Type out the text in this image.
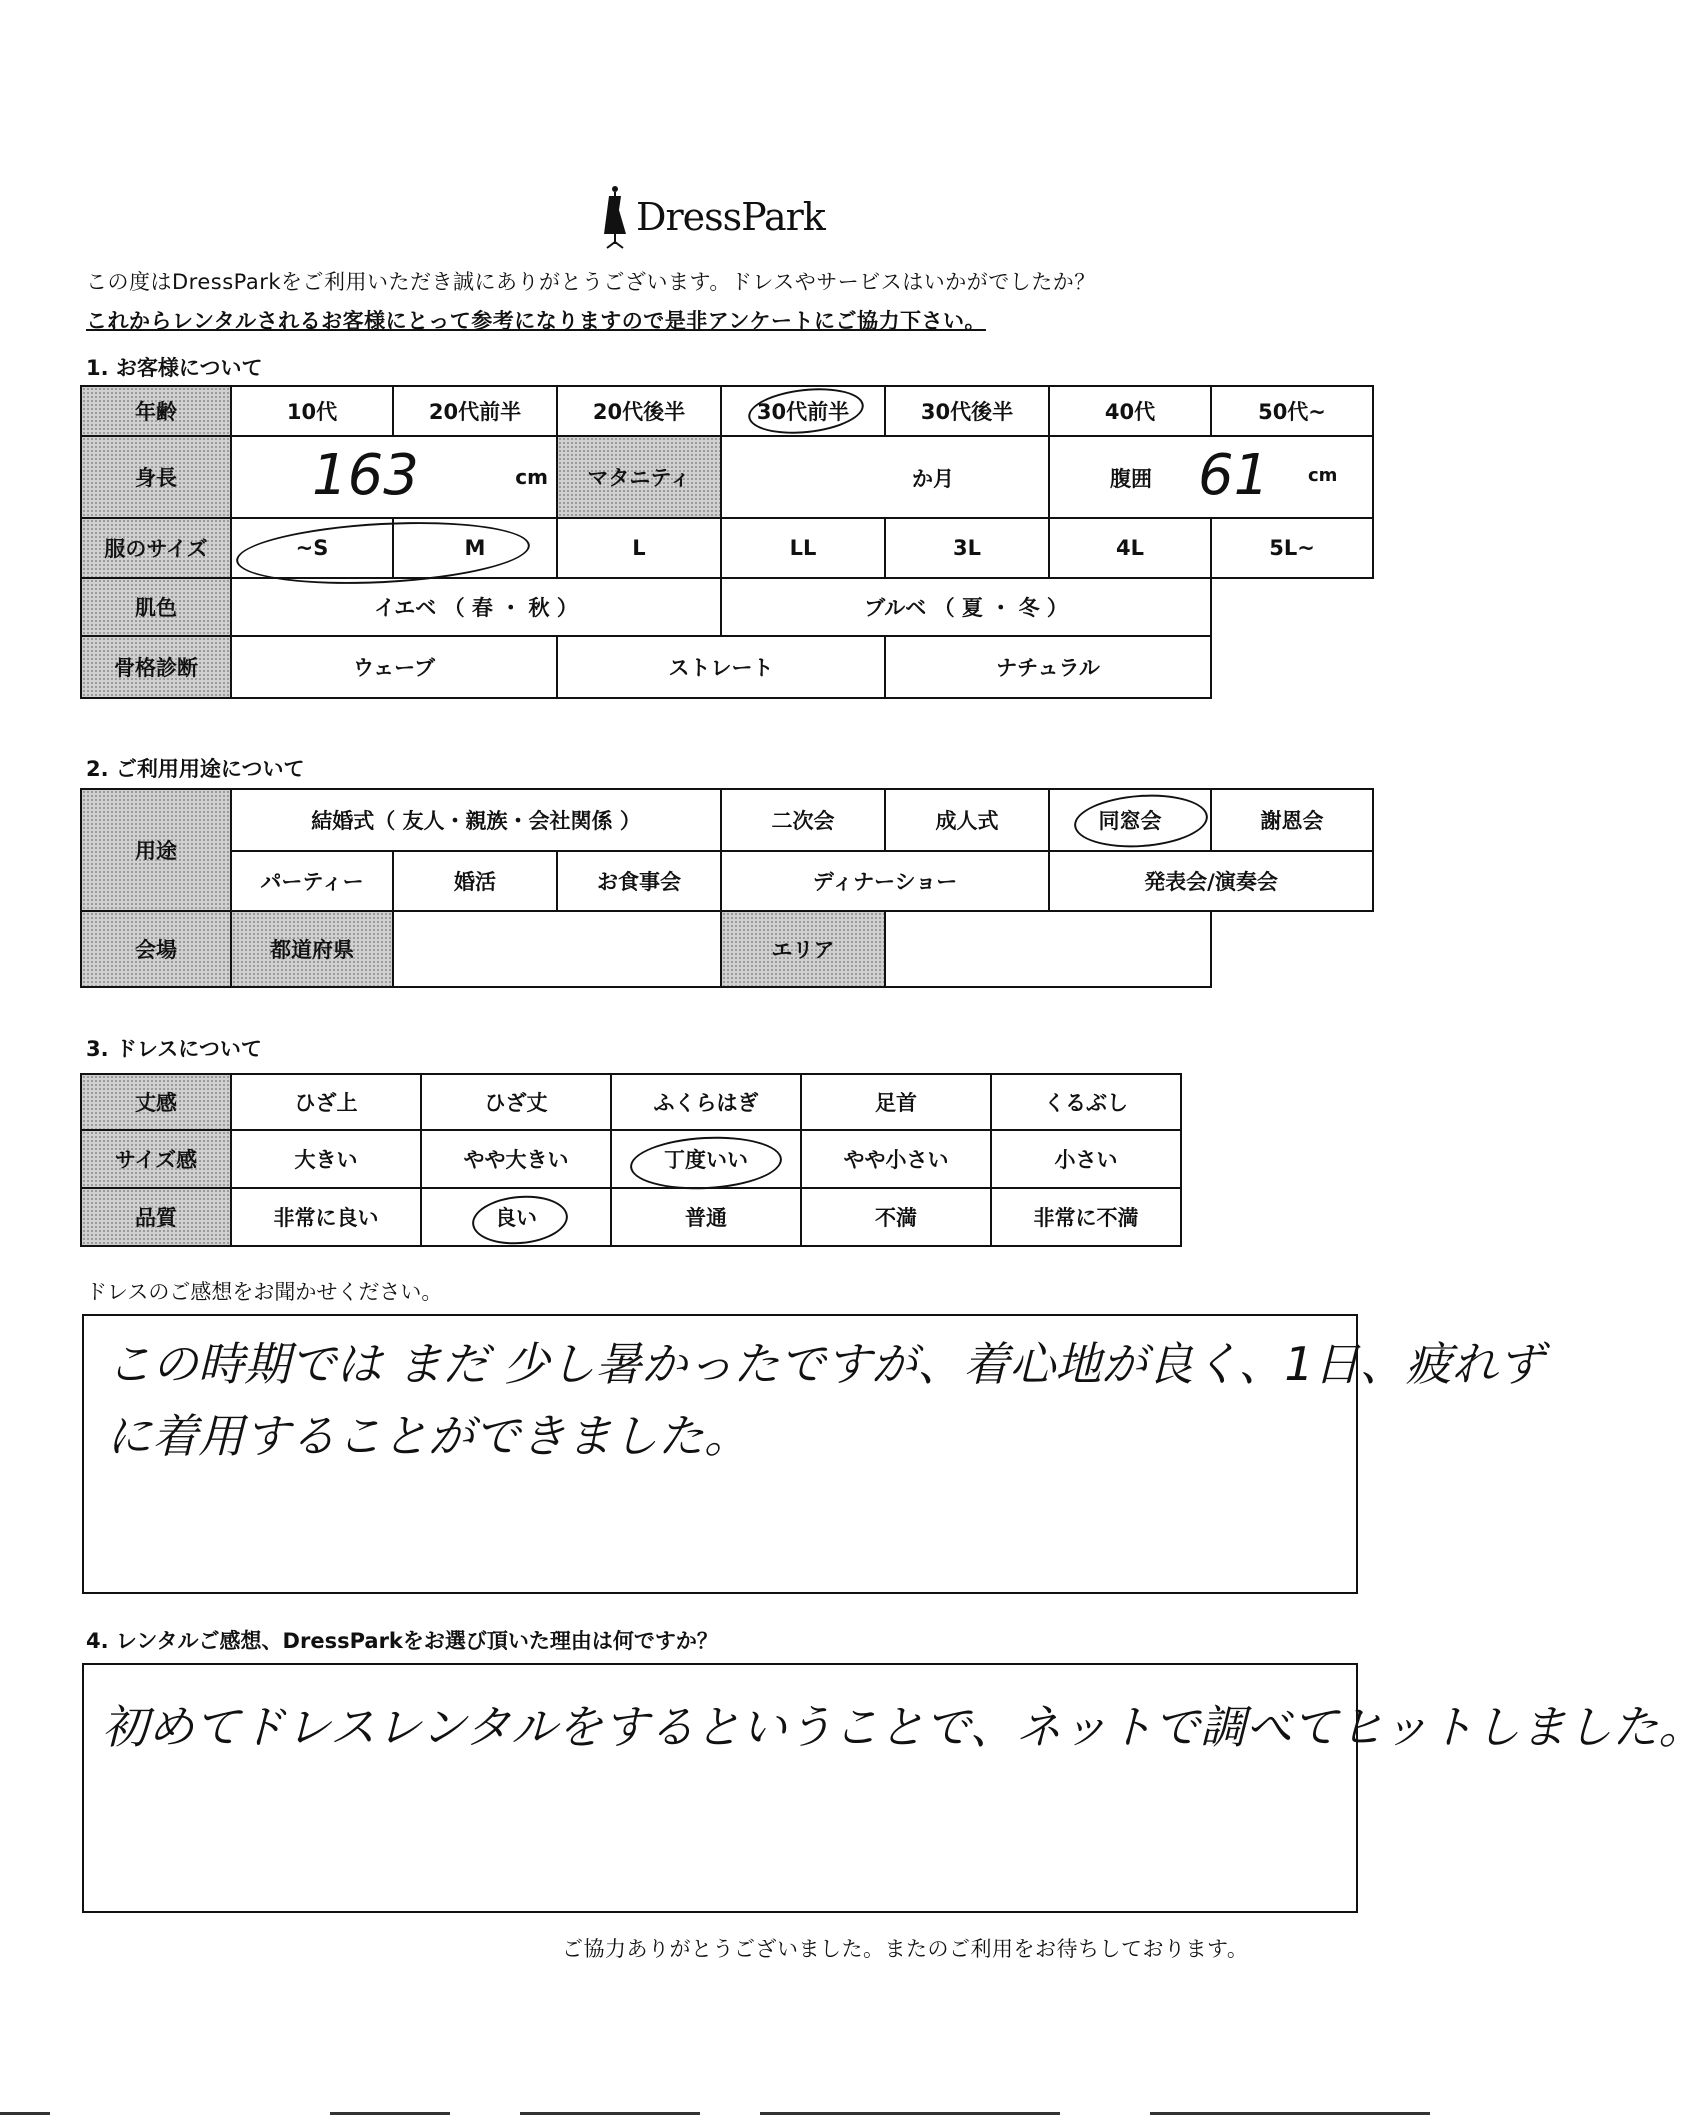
DressPark
この度はDressParkをご利用いただき誠にありがとうございます。ドレスやサービスはいかがでしたか？
これからレンタルされるお客様にとって参考になりますので是非アンケートにご協力下さい。
1. お客様について
年齢	10代	20代前半	20代後半	30代前半	30代後半	40代	50代~
身長	163 cm		マタニティ	か月		腹囲 61 cm	

服のサイズ	~S	M	L	LL	3L	4L	5L~
肌色	イエベ （ 春 ・ 秋 ）			ブルベ （ 夏 ・ 冬 ）			
骨格診断	ウェーブ		ストレート		ナチュラル		
2. ご利用用途について
用途	結婚式（ 友人・親族・会社関係 ）			二次会	成人式	同窓会	謝恩会
	パーティー	婚活	お食事会	ディナーショー		発表会/演奏会	
会場	都道府県			エリア			
3. ドレスについて
丈感	ひざ上	ひざ丈	ふくらはぎ	足首	くるぶし
サイズ感	大きい	やや大きい	丁度いい	やや小さい	小さい
品質	非常に良い	良い	普通	不満	非常に不満
ドレスのご感想をお聞かせください。
この時期では まだ 少し暑かったですが、着心地が良く、1日、疲れず
に着用することができました。
4. レンタルご感想、DressParkをお選び頂いた理由は何ですか？
初めてドレスレンタルをするということで、ネットで調べてヒットしました。
ご協力ありがとうございました。またのご利用をお待ちしております。
